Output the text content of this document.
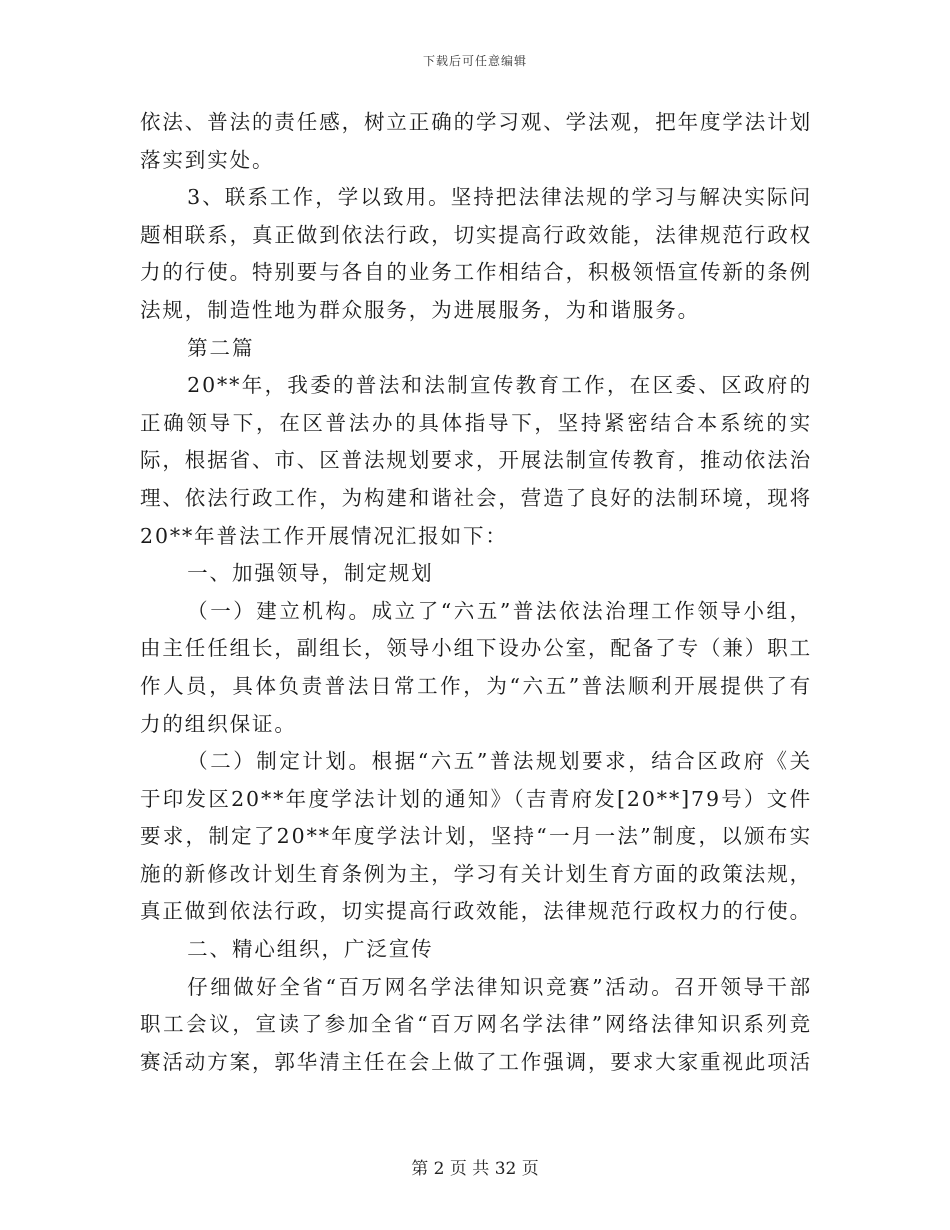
下载后可任意编辑

依法、普法的责任感，树立正确的学习观、学法观，把年度学法计划落实到实处。

3、联系工作，学以致用。坚持把法律法规的学习与解决实际问题相联系，真正做到依法行政，切实提高行政效能，法律规范行政权力的行使。特别要与各自的业务工作相结合，积极领悟宣传新的条例法规，制造性地为群众服务，为进展服务，为和谐服务。

第二篇

20**年，我委的普法和法制宣传教育工作，在区委、区政府的正确领导下，在区普法办的具体指导下，坚持紧密结合本系统的实际，根据省、市、区普法规划要求，开展法制宣传教育，推动依法治理、依法行政工作，为构建和谐社会，营造了良好的法制环境，现将20**年普法工作开展情况汇报如下：

一、加强领导，制定规划

（一）建立机构。成立了“六五”普法依法治理工作领导小组，由主任任组长，副组长，领导小组下设办公室，配备了专（兼）职工作人员，具体负责普法日常工作，为“六五”普法顺利开展提供了有力的组织保证。

（二）制定计划。根据“六五”普法规划要求，结合区政府《关于印发区20**年度学法计划的通知》（吉青府发[20**]79号）文件要求，制定了20**年度学法计划，坚持“一月一法”制度，以颁布实施的新修改计划生育条例为主，学习有关计划生育方面的政策法规，真正做到依法行政，切实提高行政效能，法律规范行政权力的行使。

二、精心组织，广泛宣传

仔细做好全省“百万网名学法律知识竞赛”活动。召开领导干部职工会议，宣读了参加全省“百万网名学法律”网络法律知识系列竞赛活动方案，郭华清主任在会上做了工作强调，要求大家重视此项活

第 2 页 共 32 页
